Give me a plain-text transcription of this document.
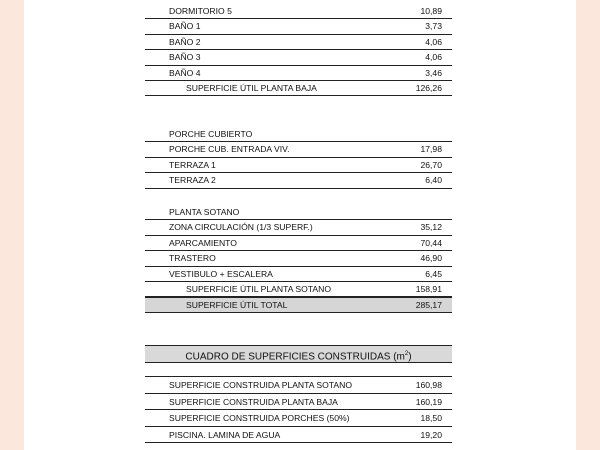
DORMITORIO 5	10,89
BAÑO 1	3,73
BAÑO 2	4,06
BAÑO 3	4,06
BAÑO 4	3,46
SUPERFICIE ÚTIL PLANTA BAJA	126,26
PORCHE CUBIERTO
PORCHE CUB. ENTRADA VIV.	17,98
TERRAZA 1	26,70
TERRAZA 2	6,40
PLANTA SOTANO
ZONA CIRCULACIÓN (1/3 SUPERF.)	35,12
APARCAMIENTO	70,44
TRASTERO	46,90
VESTIBULO + ESCALERA	6,45
SUPERFICIE ÚTIL PLANTA SOTANO	158,91
SUPERFICIE ÚTIL TOTAL	285,17
CUADRO DE SUPERFICIES CONSTRUIDAS $(m^2)$
SUPERFICIE CONSTRUIDA PLANTA SOTANO	160,98
SUPERFICIE CONSTRUIDA PLANTA BAJA	160,19
SUPERFICIE CONSTRUIDA PORCHES (50%)	18,50
PISCINA. LAMINA DE AGUA	19,20
